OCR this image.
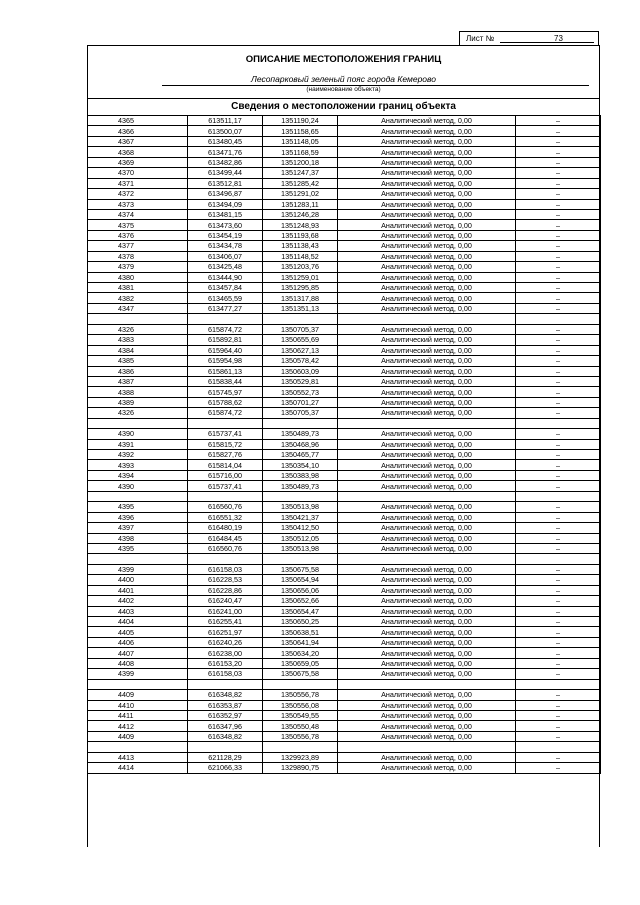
Лист №	73
ОПИСАНИЕ МЕСТОПОЛОЖЕНИЯ ГРАНИЦ
Лесопарковый зеленый пояс города Кемерово
(наименование объекта)
Сведения о местоположении границ объекта
4365	613511,17	1351190,24	Аналитический метод, 0,00	–
4366	613500,07	1351158,65	Аналитический метод, 0,00	–
4367	613480,45	1351148,05	Аналитический метод, 0,00	–
4368	613471,76	1351168,59	Аналитический метод, 0,00	–
4369	613482,86	1351200,18	Аналитический метод, 0,00	–
4370	613499,44	1351247,37	Аналитический метод, 0,00	–
4371	613512,81	1351285,42	Аналитический метод, 0,00	–
4372	613496,87	1351291,02	Аналитический метод, 0,00	–
4373	613494,09	1351283,11	Аналитический метод, 0,00	–
4374	613481,15	1351246,28	Аналитический метод, 0,00	–
4375	613473,60	1351248,93	Аналитический метод, 0,00	–
4376	613454,19	1351193,68	Аналитический метод, 0,00	–
4377	613434,78	1351138,43	Аналитический метод, 0,00	–
4378	613406,07	1351148,52	Аналитический метод, 0,00	–
4379	613425,48	1351203,76	Аналитический метод, 0,00	–
4380	613444,90	1351259,01	Аналитический метод, 0,00	–
4381	613457,84	1351295,85	Аналитический метод, 0,00	–
4382	613465,59	1351317,88	Аналитический метод, 0,00	–
4347	613477,27	1351351,13	Аналитический метод, 0,00	–

4326	615874,72	1350705,37	Аналитический метод, 0,00	–
4383	615892,81	1350655,69	Аналитический метод, 0,00	–
4384	615964,40	1350627,13	Аналитический метод, 0,00	–
4385	615954,98	1350578,42	Аналитический метод, 0,00	–
4386	615861,13	1350603,09	Аналитический метод, 0,00	–
4387	615838,44	1350529,81	Аналитический метод, 0,00	–
4388	615745,97	1350552,73	Аналитический метод, 0,00	–
4389	615788,62	1350701,27	Аналитический метод, 0,00	–
4326	615874,72	1350705,37	Аналитический метод, 0,00	–

4390	615737,41	1350489,73	Аналитический метод, 0,00	–
4391	615815,72	1350468,96	Аналитический метод, 0,00	–
4392	615827,76	1350465,77	Аналитический метод, 0,00	–
4393	615814,04	1350354,10	Аналитический метод, 0,00	–
4394	615716,00	1350383,98	Аналитический метод, 0,00	–
4390	615737,41	1350489,73	Аналитический метод, 0,00	–

4395	616560,76	1350513,98	Аналитический метод, 0,00	–
4396	616551,32	1350421,37	Аналитический метод, 0,00	–
4397	616480,19	1350412,50	Аналитический метод, 0,00	–
4398	616484,45	1350512,05	Аналитический метод, 0,00	–
4395	616560,76	1350513,98	Аналитический метод, 0,00	–

4399	616158,03	1350675,58	Аналитический метод, 0,00	–
4400	616228,53	1350654,94	Аналитический метод, 0,00	–
4401	616228,86	1350656,06	Аналитический метод, 0,00	–
4402	616240,47	1350652,66	Аналитический метод, 0,00	–
4403	616241,00	1350654,47	Аналитический метод, 0,00	–
4404	616255,41	1350650,25	Аналитический метод, 0,00	–
4405	616251,97	1350638,51	Аналитический метод, 0,00	–
4406	616240,26	1350641,94	Аналитический метод, 0,00	–
4407	616238,00	1350634,20	Аналитический метод, 0,00	–
4408	616153,20	1350659,05	Аналитический метод, 0,00	–
4399	616158,03	1350675,58	Аналитический метод, 0,00	–

4409	616348,82	1350556,78	Аналитический метод, 0,00	–
4410	616353,87	1350556,08	Аналитический метод, 0,00	–
4411	616352,97	1350549,55	Аналитический метод, 0,00	–
4412	616347,96	1350550,48	Аналитический метод, 0,00	–
4409	616348,82	1350556,78	Аналитический метод, 0,00	–

4413	621128,29	1329923,89	Аналитический метод, 0,00	–
4414	621066,33	1329890,75	Аналитический метод, 0,00	–
